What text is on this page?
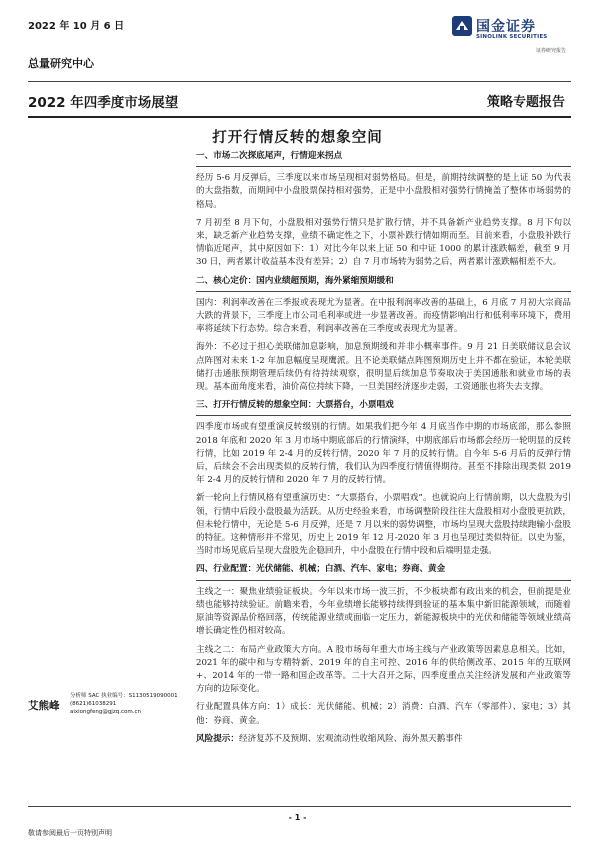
2022 年 10 月 6 日
总量研究中心
国金证券
SINOLINK SECURITIES
证券研究报告
2022 年四季度市场展望	策略专题报告
打开行情反转的想象空间
一、市场二次探底尾声，行情迎来拐点

经历 5-6 月反弹后，三季度以来市场呈现相对弱势格局。但是，前期持续调整的是上证 50 为代表的大盘指数，而期间中小盘股票保持相对强势，正是中小盘股相对强势行情掩盖了整体市场弱势的格局。

7 月初至 8 月下旬，小盘股相对强势行情只是扩散行情，并不具备新产业趋势支撑。8 月下旬以来，缺乏新产业趋势支撑，业绩不确定性之下，小票补跌行情如期而至。目前来看，小盘股补跌行情临近尾声，其中原因如下：1）对比今年以来上证 50 和中证 1000 的累计涨跌幅差，截至 9 月 30 日，两者累计收益基本没有差异；2）自 7 月市场转为弱势之后，两者累计涨跌幅相差不大。

二、核心定价：国内业绩超预期，海外紧缩预期缓和

国内：利润率改善在三季报或表现尤为显著。在中报利润率改善的基础上，6 月底 7 月初大宗商品大跌的背景下，三季度上市公司毛利率或进一步显著改善。而疫情影响出行和低利率环境下，费用率将延续下行态势。综合来看，利润率改善在三季度或表现尤为显著。

海外：不必过于担心美联储加息影响，加息预期缓和并非小概率事件。9 月 21 日美联储议息会议点阵图对未来 1-2 年加息幅度呈现鹰派。且不论美联储点阵图预期历史上并不都在验证，本轮美联储打击通胀预期管理后续仍有待持续观察，很明显后续加息节奏取决于美国通胀和就业市场的表现。基本面角度来看，油价高位持续下降，一旦美国经济逐步走弱，工资通胀也将失去支撑。

三、打开行情反转的想象空间：大票搭台，小票唱戏

四季度市场或有望重演反转级别的行情。如果我们把今年 4 月底当作中期的市场底部，那么参照 2018 年底和 2020 年 3 月市场中期底部后的行情演绎，中期底部后市场都会经历一轮明显的反转行情，比如 2019 年 2-4 月的反转行情，2020 年 7 月的反转行情。自今年 5-6 月后的反弹行情后，后续会不会出现类似的反转行情，我们认为四季度行情值得期待。甚至不排除出现类似 2019 年 2-4 月的反转行情和 2020 年 7 月的反转行情。

新一轮向上行情风格有望重演历史：“大票搭台，小票唱戏”。也就说向上行情前期，以大盘股为引领，行情中后段小盘股最为活跃。从历史经验来看，市场调整阶段往往大盘股相对小盘股更抗跌，但未轮行情中，无论是 5-6 月反弹，还是 7 月以来的弱势调整，市场均呈现大盘股持续跑输小盘股的特征。这种情形并不常见，历史上 2019 年 12 月-2020 年 3 月也呈现过类似特征。以史为鉴，当时市场见底后呈现大盘股先企稳回升，中小盘股在行情中段和后端明显走强。

四、行业配置：光伏储能、机械；白酒、汽车、家电；券商、黄金

主线之一：聚焦业绩验证板块。今年以来市场一波三折，不少板块都有政出来的机会，但前提是业绩也能够持续验证。前瞻来看，今年业绩增长能够持续得到验证的基本集中新旧能源领域，而随着原油等资源品价格回落，传统能源业绩或面临一定压力，新能源板块中的光伏和储能等领域业绩高增长确定性仍相对较高。

主线之二：布局产业政策大方向。A 股市场每年重大市场主线与产业政策等因素息息相关。比如，2021 年的碳中和与专精特新、2019 年的自主可控、2016 年的供给侧改革、2015 年的互联网+、2014 年的一带一路和国企改革等。二十大召开之际，四季度重点关注经济发展和产业政策等方向的边际变化。

行业配置具体方向：1）成长：光伏储能、机械；2）消费：白酒、汽车（零部件）、家电；3）其他：券商、黄金。

风险提示：经济复苏不及预期、宏观流动性收缩风险、海外黑天鹅事件

艾熊峰
分析师 SAC 执业编号：S1130519090001
(8621)61038291
aixiongfeng@gjzq.com.cn
- 1 -
敬请参阅最后一页特别声明
